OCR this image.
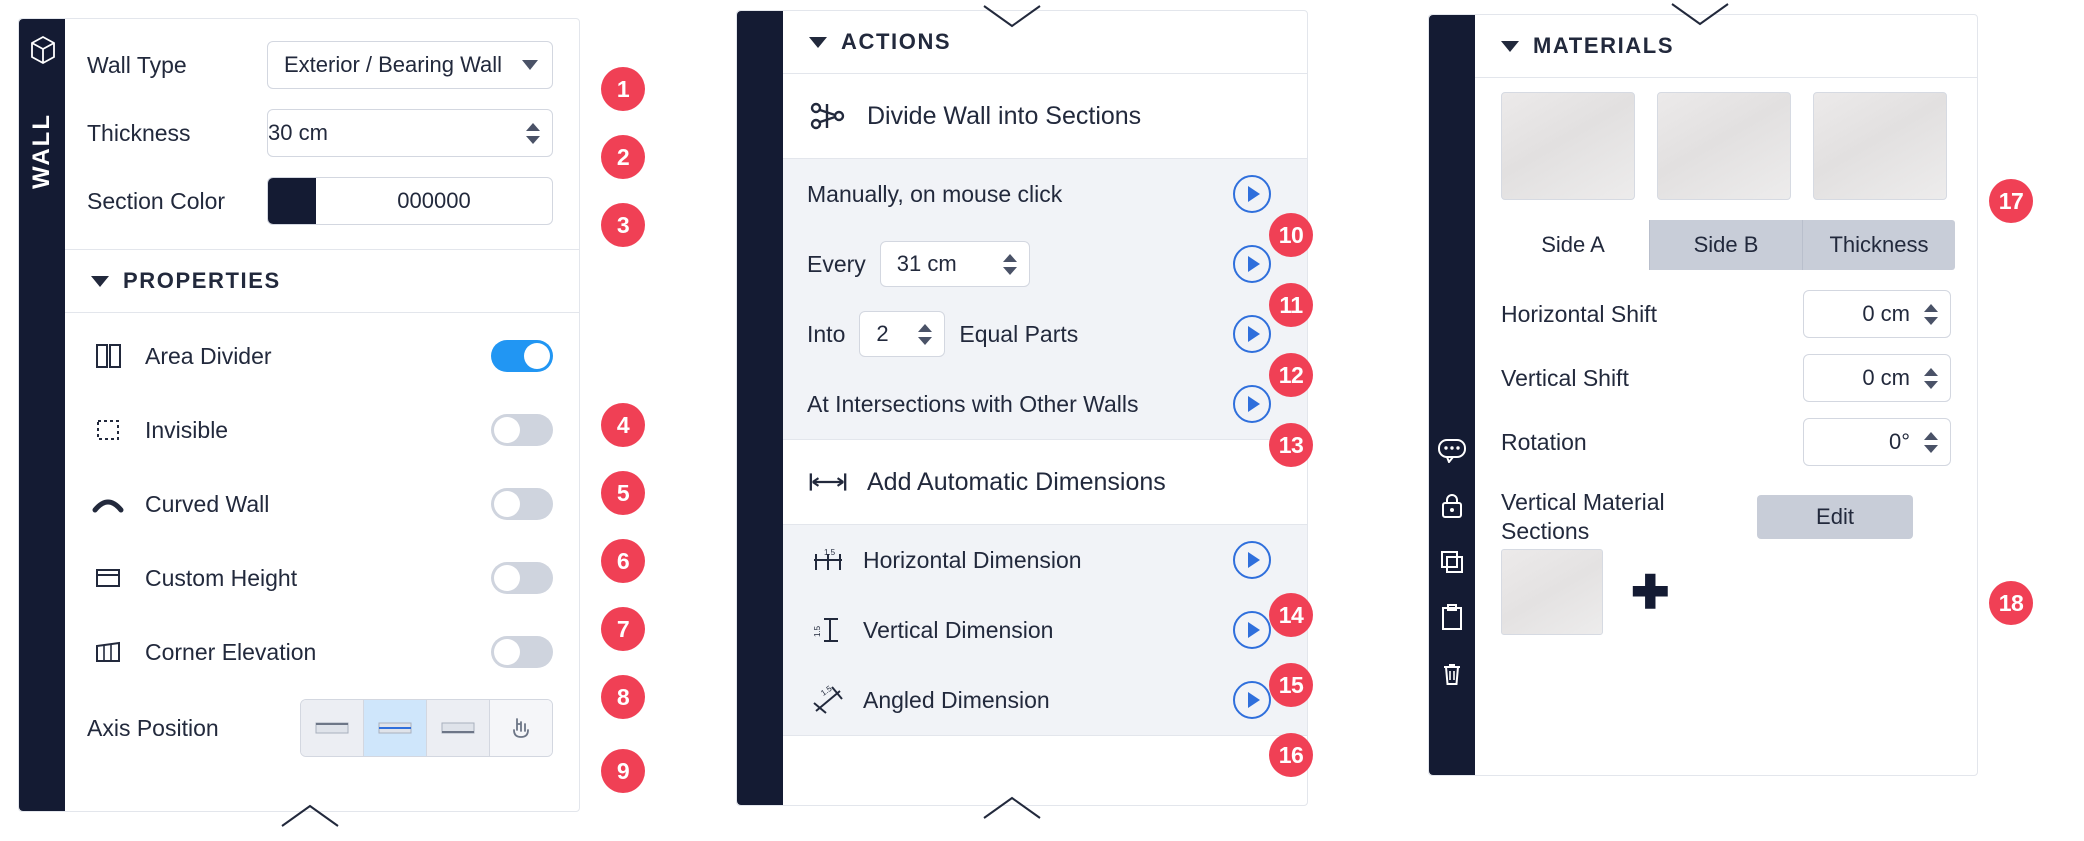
WALL
Wall Type	Exterior / Bearing Wall
Thickness	30 cm
Section Color	000000
PROPERTIES
Area Divider
Invisible
Curved Wall
Custom Height
Corner Elevation
Axis Position
1
2
3
4
5
6
7
8
9
ACTIONS
Divide Wall into Sections
Manually, on mouse click
Every	31 cm
Into	2	Equal Parts
At Intersections with Other Walls
Add Automatic Dimensions
1.5 Horizontal Dimension
1.5 Vertical Dimension
1.5 Angled Dimension
10
11
12
13
14
15
16
MATERIALS
Side A	Side B	Thickness
Horizontal Shift	0 cm
Vertical Shift	0 cm
Rotation	0°
Vertical Material Sections
Edit
✚
17
18
